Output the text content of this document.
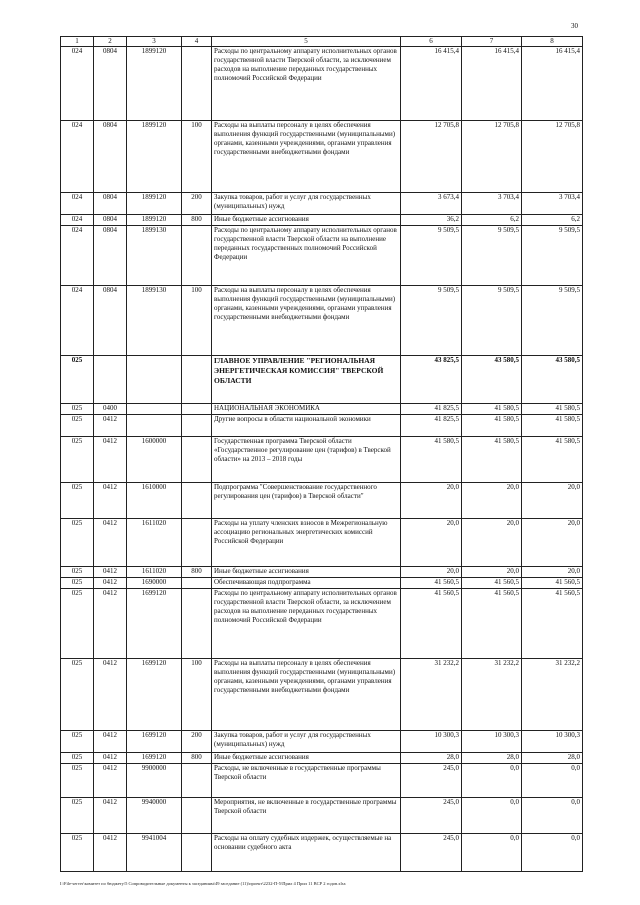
30
1	2	3	4	5	6	7	8
024	0804	1899120		Расходы по центральному аппарату исполнительных органов государственной власти Тверской области, за исключением расходов на выполнение переданных государственных полномочий Российской Федерации	16 415,4	16 415,4	16 415,4
024	0804	1899120	100	Расходы на выплаты персоналу в целях обеспечения выполнения функций государственными (муниципальными) органами, казенными учреждениями, органами управления государственными внебюджетными фондами	12 705,8	12 705,8	12 705,8
024	0804	1899120	200	Закупка товаров, работ и услуг для государственных (муниципальных) нужд	3 673,4	3 703,4	3 703,4
024	0804	1899120	800	Иные бюджетные ассигнования	36,2	6,2	6,2
024	0804	1899130		Расходы по центральному аппарату исполнительных органов государственной власти Тверской области на выполнение переданных государственных полномочий Российской Федерации	9 509,5	9 509,5	9 509,5
024	0804	1899130	100	Расходы на выплаты персоналу в целях обеспечения выполнения функций государственными (муниципальными) органами, казенными учреждениями, органами управления государственными внебюджетными фондами	9 509,5	9 509,5	9 509,5
025				ГЛАВНОЕ УПРАВЛЕНИЕ "РЕГИОНАЛЬНАЯ ЭНЕРГЕТИЧЕСКАЯ КОМИССИЯ" ТВЕРСКОЙ ОБЛАСТИ	43 825,5	43 580,5	43 580,5
025	0400			НАЦИОНАЛЬНАЯ ЭКОНОМИКА	41 825,5	41 580,5	41 580,5
025	0412			Другие вопросы в области национальной экономики	41 825,5	41 580,5	41 580,5
025	0412	1600000		Государственная программа Тверской области «Государственное регулирование цен (тарифов) в Тверской области» на 2013 – 2018 годы	41 580,5	41 580,5	41 580,5
025	0412	1610000		Подпрограмма "Совершенствование государственного регулирования цен (тарифов) в Тверской области"	20,0	20,0	20,0
025	0412	1611020		Расходы на уплату членских взносов в Межрегиональную ассоциацию региональных энергетических комиссий Российской Федерации	20,0	20,0	20,0
025	0412	1611020	800	Иные бюджетные ассигнования	20,0	20,0	20,0
025	0412	1690000		Обеспечивающая подпрограмма	41 560,5	41 560,5	41 560,5
025	0412	1699120		Расходы по центральному аппарату исполнительных органов государственной власти Тверской области, за исключением расходов на выполнение переданных государственных полномочий Российской Федерации	41 560,5	41 560,5	41 560,5
025	0412	1699120	100	Расходы на выплаты персоналу в целях обеспечения выполнения функций государственными (муниципальными) органами, казенными учреждениями, органами управления государственными внебюджетными фондами	31 232,2	31 232,2	31 232,2
025	0412	1699120	200	Закупка товаров, работ и услуг для государственных (муниципальных) нужд	10 300,3	10 300,3	10 300,3
025	0412	1699120	800	Иные бюджетные ассигнования	28,0	28,0	28,0
025	0412	9900000		Расходы, не включенные в государственные программы Тверской области	245,0	0,0	0,0
025	0412	9940000		Мероприятия, не включенные в государственные программы Тверской области	245,0	0,0	0,0
025	0412	9941004		Расходы на оплату судебных издержек, осуществляемые на основании судебного акта	245,0	0,0	0,0
I:\File-server\комитет по бюджету\5 Сопроводительные документы к заседаниям\49 заседание (11)\проект\2232-П-5\Прил 4 Прил 11 ВСР 2 годов.xlsx
